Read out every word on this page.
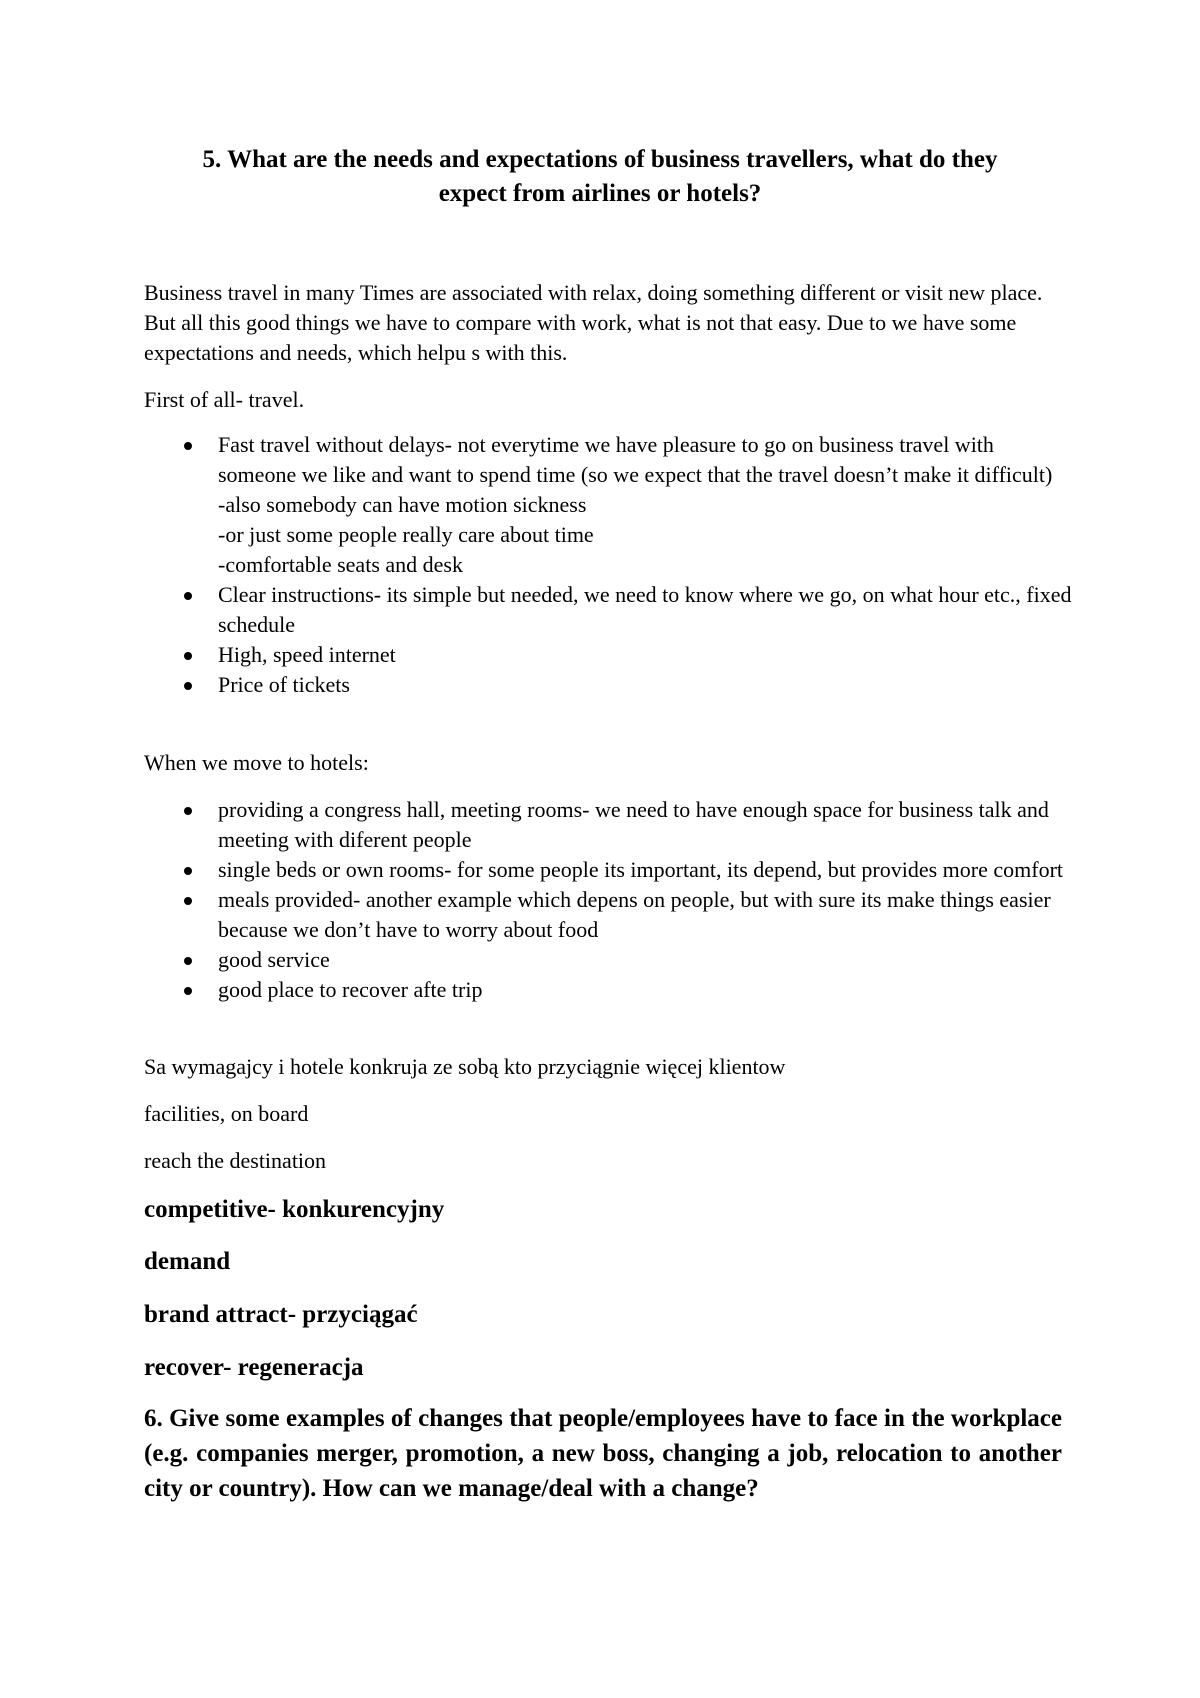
5. What are the needs and expectations of business travellers, what do they
expect from airlines or hotels?

Business travel in many Times are associated with relax, doing something different or visit new place. But all this good things we have to compare with work, what is not that easy. Due to we have some expectations and needs, which helpu s with this.

First of all- travel.

Fast travel without delays- not everytime we have pleasure to go on business travel with someone we like and want to spend time (so we expect that the travel doesn’t make it difficult)
-also somebody can have motion sickness
-or just some people really care about time
-comfortable seats and desk
Clear instructions- its simple but needed, we need to know where we go, on what hour etc., fixed schedule
High, speed internet
Price of tickets

When we move to hotels:

providing a congress hall, meeting rooms- we need to have enough space for business talk and meeting with diferent people
single beds or own rooms- for some people its important, its depend, but provides more comfort
meals provided- another example which depens on people, but with sure its make things easier because we don’t have to worry about food
good service
good place to recover afte trip

Sa wymagajcy i hotele konkruja ze sobą kto przyciągnie więcej klientow

facilities, on board

reach the destination

competitive- konkurencyjny

demand

brand attract- przyciągać

recover- regeneracja

6. Give some examples of changes that people/employees have to face in the workplace (e.g. companies merger, promotion, a new boss, changing a job, relocation to another city or country). How can we manage/deal with a change?
